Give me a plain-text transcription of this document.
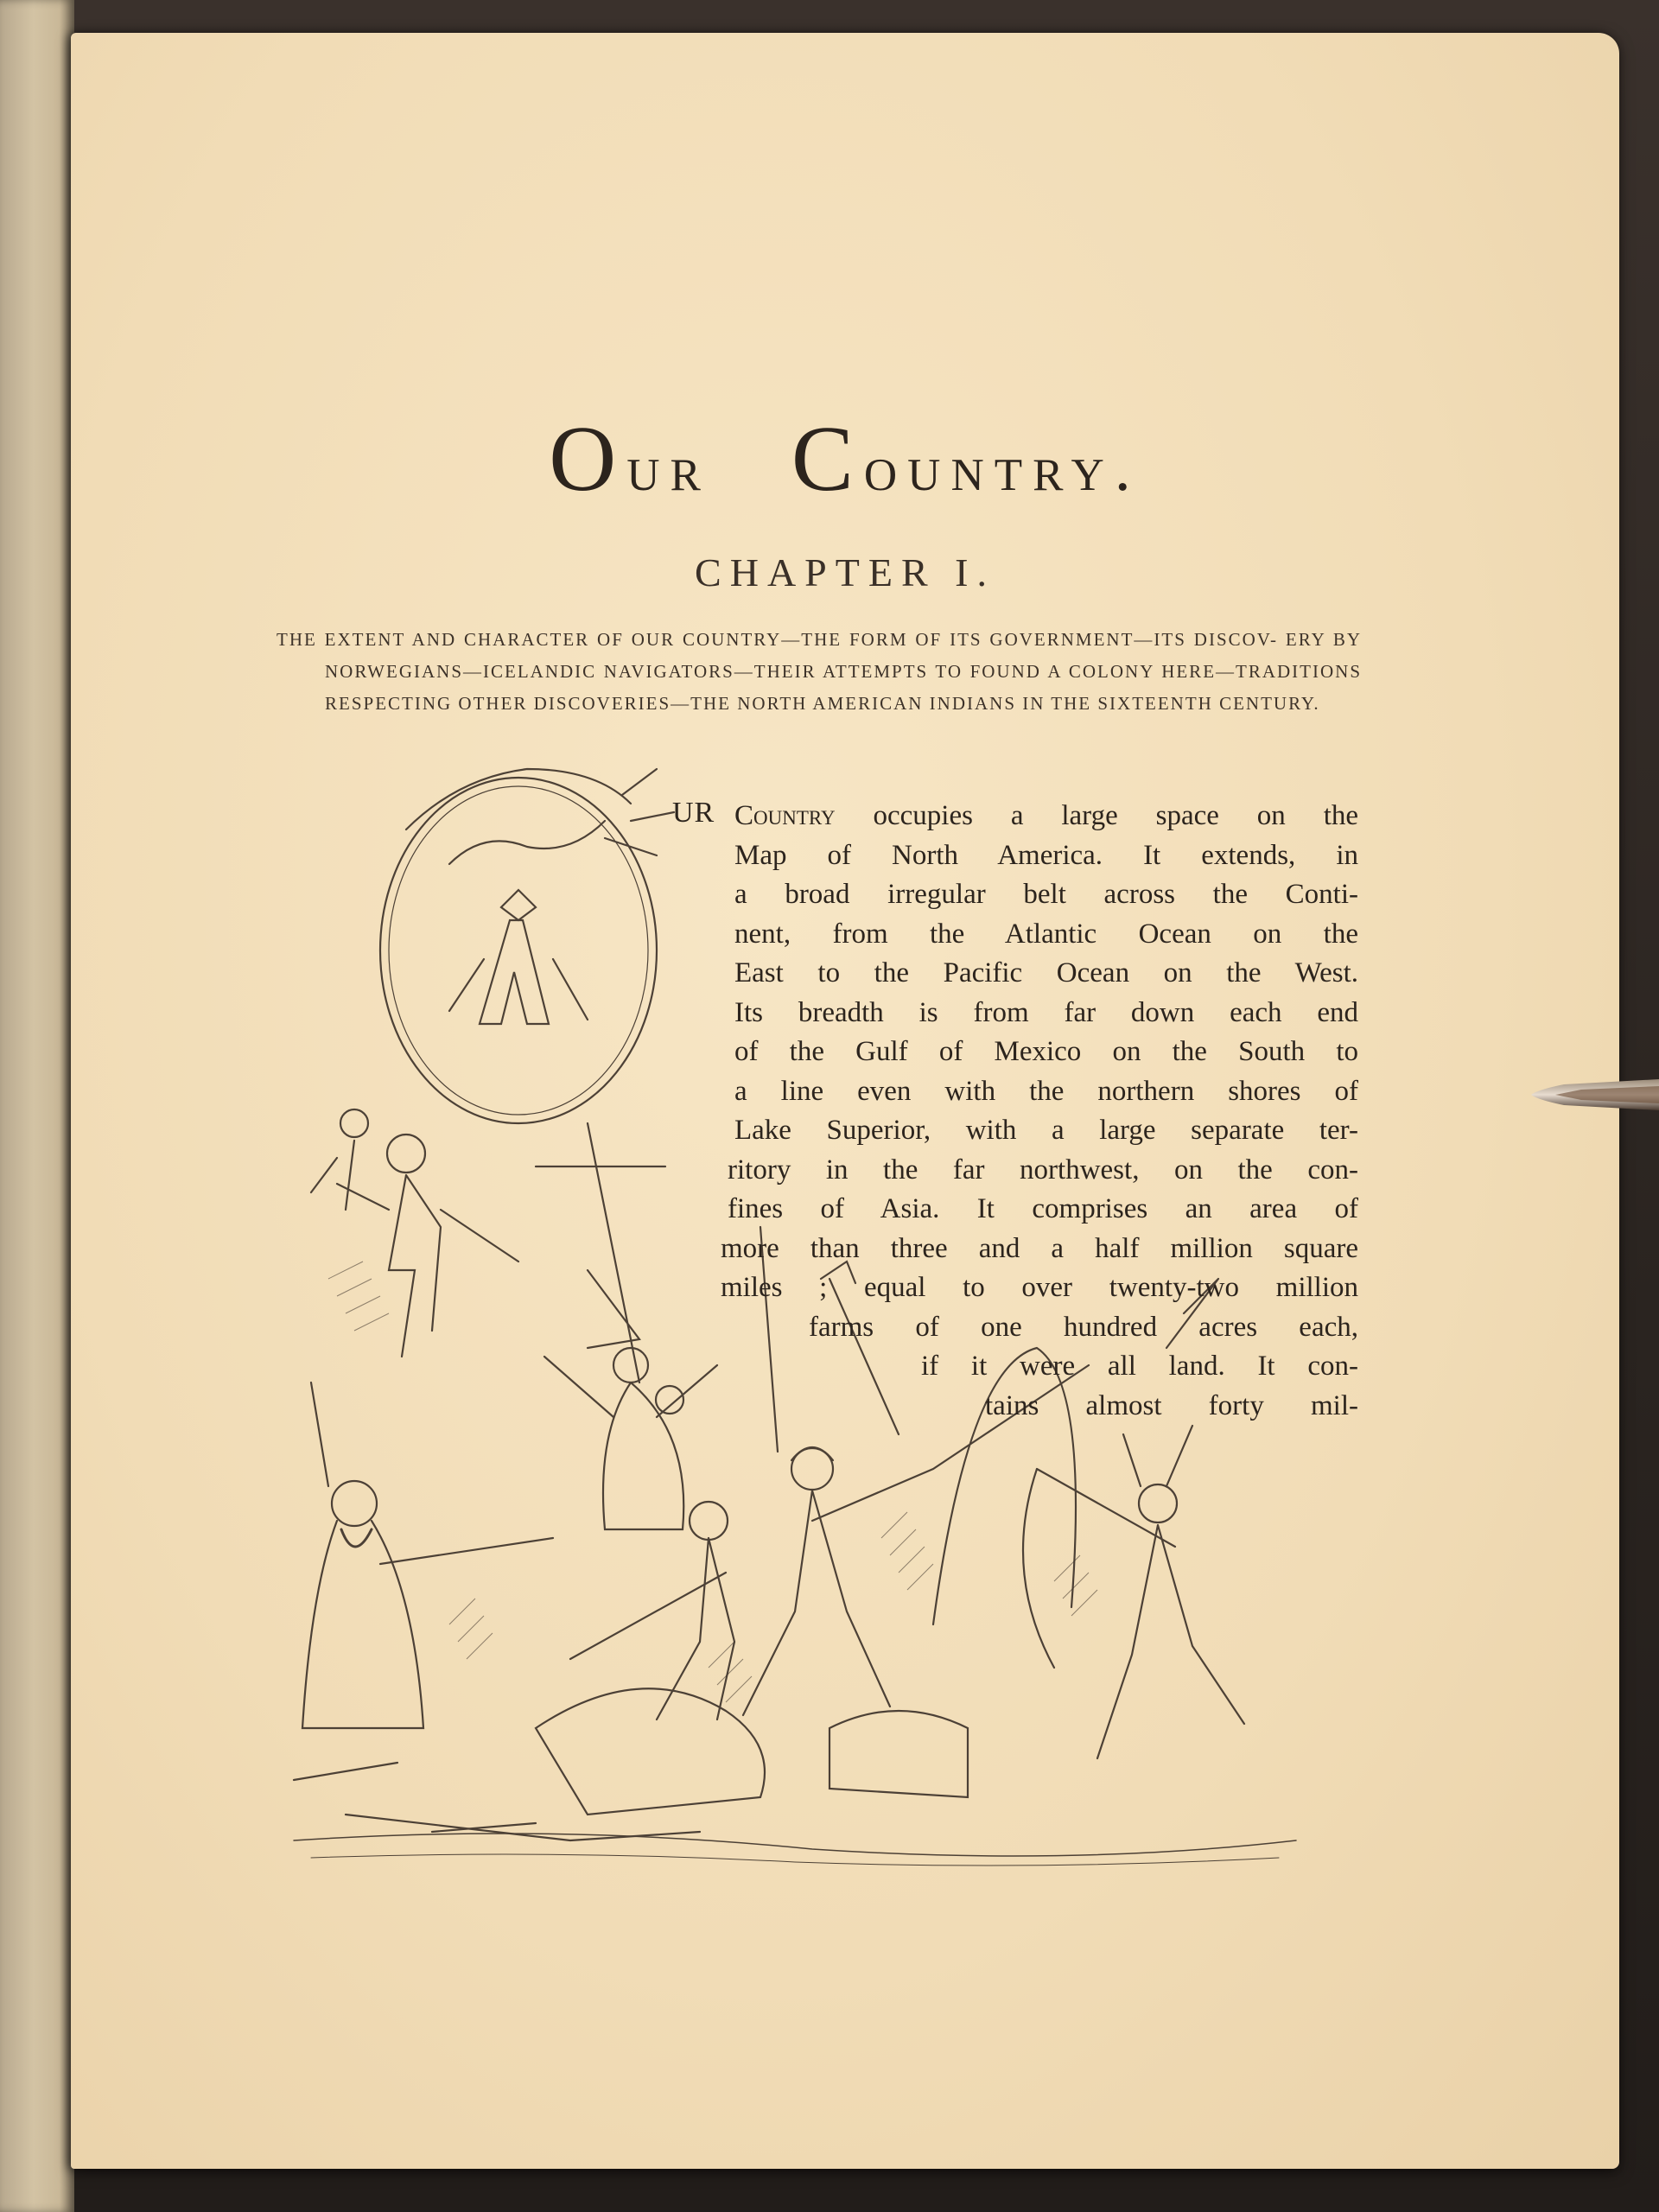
Our Country.
CHAPTER I.

THE EXTENT AND CHARACTER OF OUR COUNTRY—THE FORM OF ITS GOVERNMENT—ITS DISCOV- ERY BY NORWEGIANS—ICELANDIC NAVIGATORS—THEIR ATTEMPTS TO FOUND A COLONY HERE—TRADITIONS RESPECTING OTHER DISCOVERIES—THE NORTH AMERICAN INDIANS IN THE SIXTEENTH CENTURY.

UR Country occupies a large space on the
Map of North America. It extends, in
a broad irregular belt across the Conti-
nent, from the Atlantic Ocean on the
East to the Pacific Ocean on the West.
Its breadth is from far down each end
of the Gulf of Mexico on the South to
a line even with the northern shores of
Lake Superior, with a large separate ter-
ritory in the far northwest, on the con-
fines of Asia. It comprises an area of
more than three and a half million square
miles ; equal to over twenty-two million
farms of one hundred acres each,
if it were all land. It con-
tains almost forty mil-
